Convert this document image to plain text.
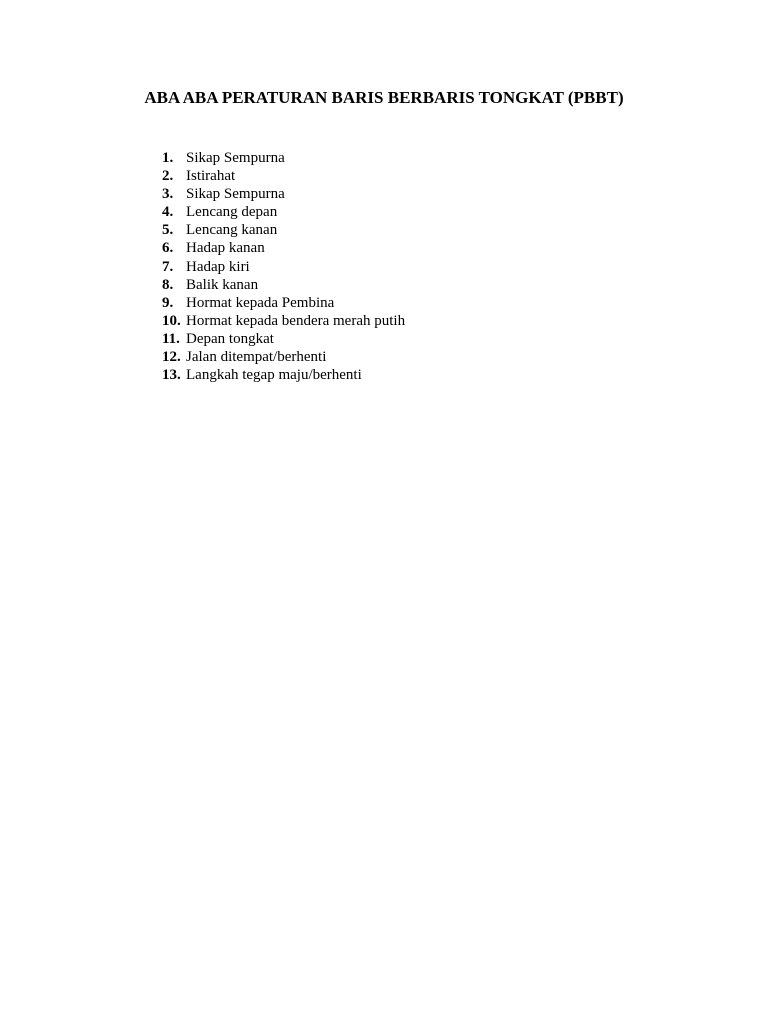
ABA ABA PERATURAN BARIS BERBARIS TONGKAT (PBBT)
1. Sikap Sempurna
2. Istirahat
3. Sikap Sempurna
4. Lencang depan
5. Lencang kanan
6. Hadap kanan
7. Hadap kiri
8. Balik kanan
9. Hormat kepada Pembina
10. Hormat kepada bendera merah putih
11. Depan tongkat
12. Jalan ditempat/berhenti
13. Langkah tegap maju/berhenti
